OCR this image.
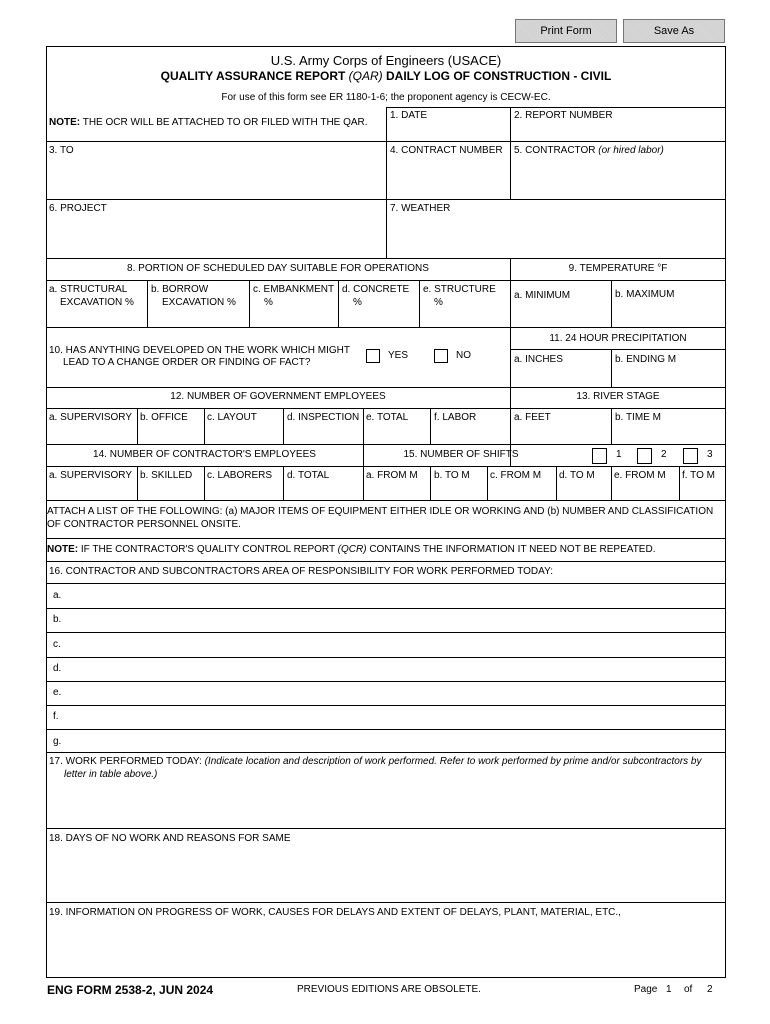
Print Form	Save As
U.S. Army Corps of Engineers (USACE)
QUALITY ASSURANCE REPORT (QAR) DAILY LOG OF CONSTRUCTION - CIVIL
For use of this form see ER 1180-1-6; the proponent agency is CECW-EC.
NOTE: THE OCR WILL BE ATTACHED TO OR FILED WITH THE QAR.
1. DATE	2. REPORT NUMBER
3. TO	4. CONTRACT NUMBER 5. CONTRACTOR (or hired labor)
6. PROJECT	7. WEATHER
8. PORTION OF SCHEDULED DAY SUITABLE FOR OPERATIONS	9. TEMPERATURE °F
a. STRUCTURAL
EXCAVATION %
b. BORROW
EXCAVATION %
c. EMBANKMENT
%
d. CONCRETE
%
e. STRUCTURE
%
a. MINIMUM	b. MAXIMUM
10. HAS ANYTHING DEVELOPED ON THE WORK WHICH MIGHT
LEAD TO A CHANGE ORDER OR FINDING OF FACT?
YES	NO
11. 24 HOUR PRECIPITATION
a. INCHES	b. ENDING M
12. NUMBER OF GOVERNMENT EMPLOYEES	13. RIVER STAGE
a. SUPERVISORY b. OFFICE c. LAYOUT	d. INSPECTION e. TOTAL	f. LABOR	a. FEET	b. TIME M
14. NUMBER OF CONTRACTOR'S EMPLOYEES	15. NUMBER OF SHIFTS	1	2	3
a. SUPERVISORY b. SKILLED c. LABORERS d. TOTAL	a. FROM M b. TO M c. FROM M d. TO M e. FROM M f. TO M
ATTACH A LIST OF THE FOLLOWING: (a) MAJOR ITEMS OF EQUIPMENT EITHER IDLE OR WORKING AND (b) NUMBER AND CLASSIFICATION
OF CONTRACTOR PERSONNEL ONSITE.
NOTE: IF THE CONTRACTOR'S QUALITY CONTROL REPORT (QCR) CONTAINS THE INFORMATION IT NEED NOT BE REPEATED.
16. CONTRACTOR AND SUBCONTRACTORS AREA OF RESPONSIBILITY FOR WORK PERFORMED TODAY:
a.
b.
c.
d.
e.
f.
g.
17. WORK PERFORMED TODAY: (Indicate location and description of work performed. Refer to work performed by prime and/or subcontractors by
letter in table above.)
18. DAYS OF NO WORK AND REASONS FOR SAME
19. INFORMATION ON PROGRESS OF WORK, CAUSES FOR DELAYS AND EXTENT OF DELAYS, PLANT, MATERIAL, ETC.,
ENG FORM 2538-2, JUN 2024	PREVIOUS EDITIONS ARE OBSOLETE.	Page 1 of 2
